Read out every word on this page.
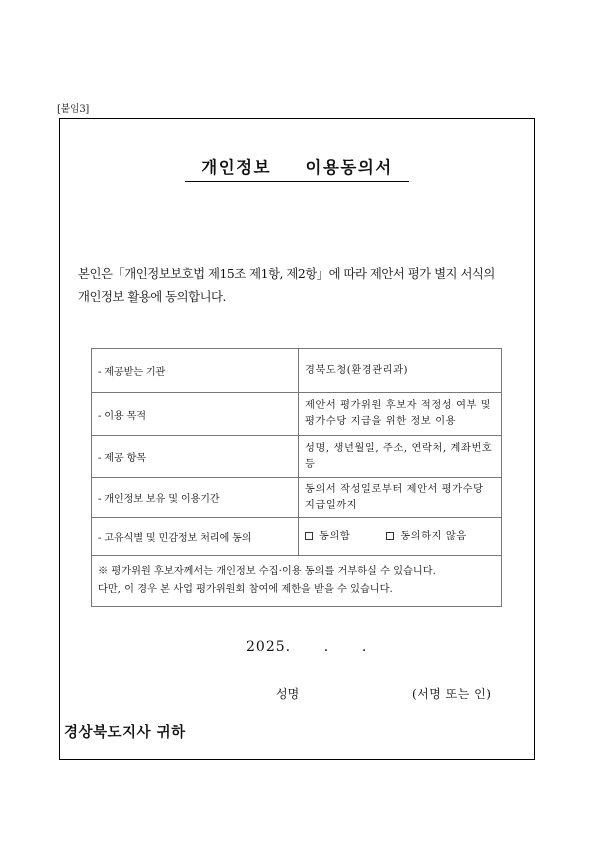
[붙임3]
개인정보  이용동의서

본인은「개인정보보호법 제15조 제1항, 제2항」에 따라 제안서 평가 별지 서식의

개인정보 활용에 동의합니다.

- 제공받는 기관	경북도청(환경관리과)
- 이용 목적	제안서 평가위원 후보자 적정성 여부 및 평가수당 지급을 위한 정보 이용
- 제공 항목	성명, 생년월일, 주소, 연락처, 계좌번호 등
- 개인정보 보유 및 이용기간	동의서 작성일로부터 제안서 평가수당 지급일까지
- 고유식별 및 민감정보 처리에 동의	동의함 동의하지 않음

※ 평가위원 후보자께서는 개인정보 수집·이용 동의를 거부하실 수 있습니다.

다만, 이 경우 본 사업 평가위원회 참여에 제한을 받을 수 있습니다.	

2025.      .      .
성명	(서명 또는 인)
경상북도지사 귀하
